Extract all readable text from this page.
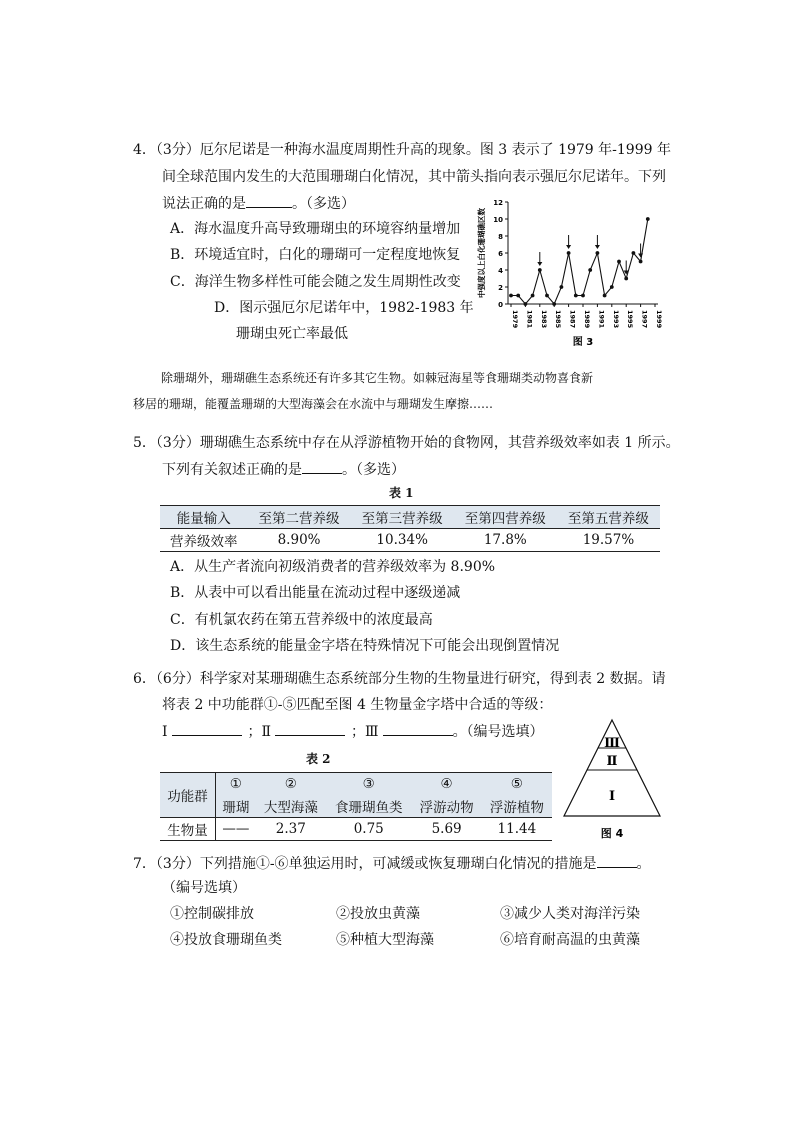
4．（3分）厄尔尼诺是一种海水温度周期性升高的现象。图 3 表示了 1979 年-1999 年
间全球范围内发生的大范围珊瑚白化情况，其中箭头指向表示强厄尔尼诺年。下列
说法正确的是	。（多选）
A．海水温度升高导致珊瑚虫的环境容纳量增加
B．环境适宜时，白化的珊瑚可一定程度地恢复
C．海洋生物多样性可能会随之发生周期性改变
D．图示强厄尔尼诺年中，1982-1983 年
珊瑚虫死亡率最低
0
2
4
6
8
10
12
中强度以上白化珊瑚礁区数
1979 1981 1983 1985 1987 1989 1991 1993 1995 1997 1999
图 3
除珊瑚外，珊瑚礁生态系统还有许多其它生物。如棘冠海星等食珊瑚类动物喜食新
移居的珊瑚，能覆盖珊瑚的大型海藻会在水流中与珊瑚发生摩擦……
5．（3分）珊瑚礁生态系统中存在从浮游植物开始的食物网，其营养级效率如表 1 所示。
下列有关叙述正确的是	。（多选）
表 1
能量输入	至第二营养级	至第三营养级	至第四营养级	至第五营养级
营养级效率	8.90%	10.34%	17.8%	19.57%
A．从生产者流向初级消费者的营养级效率为 8.90%
B．从表中可以看出能量在流动过程中逐级递减
C．有机氯农药在第五营养级中的浓度最高
D．该生态系统的能量金字塔在特殊情况下可能会出现倒置情况
6．（6分）科学家对某珊瑚礁生态系统部分生物的生物量进行研究，得到表 2 数据。请
将表 2 中功能群①-⑤匹配至图 4 生物量金字塔中合适的等级：
Ⅰ	；Ⅱ	；Ⅲ	。（编号选填）
表 2
功能群	①	②	③	④	⑤
	珊瑚	大型海藻	食珊瑚鱼类	浮游动物	浮游植物
生物量	——	2.37	0.75	5.69	11.44
Ⅲ
Ⅱ
Ⅰ
图 4
7．（3分）下列措施①-⑥单独运用时，可减缓或恢复珊瑚白化情况的措施是	。
（编号选填）
①控制碳排放	②投放虫黄藻	③减少人类对海洋污染
④投放食珊瑚鱼类	⑤种植大型海藻	⑥培育耐高温的虫黄藻
